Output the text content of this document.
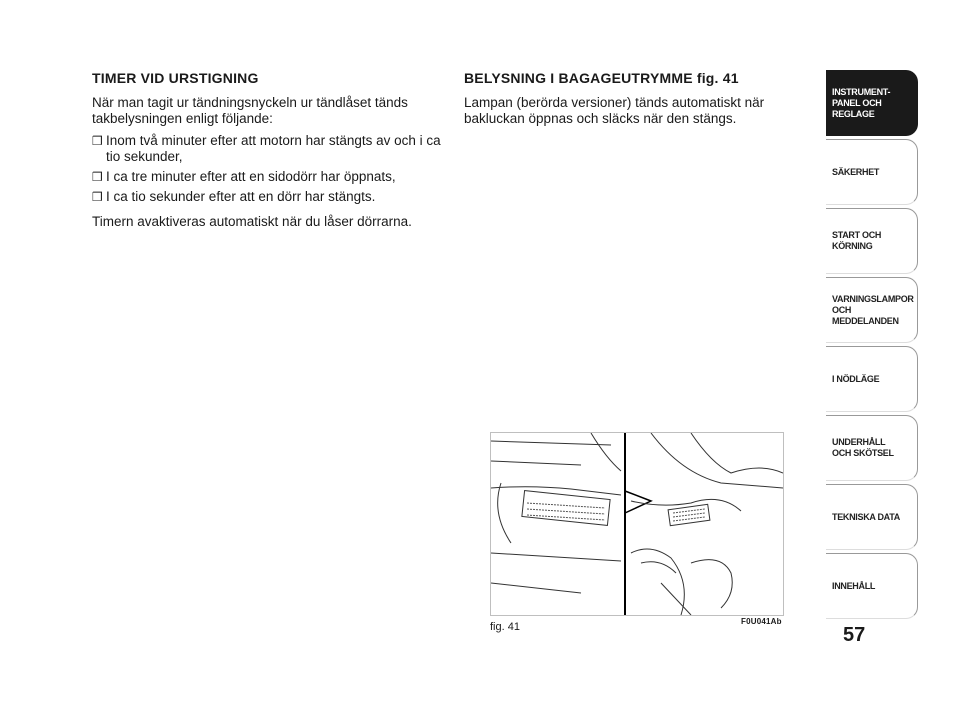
TIMER VID URSTIGNING
När man tagit ur tändningsnyckeln ur tändlåset tänds takbelysningen enligt följande:
❒ Inom två minuter efter att motorn har stängts av och i ca tio sekunder,
❒ I ca tre minuter efter att en sidodörr har öppnats,
❒ I ca tio sekunder efter att en dörr har stängts.
Timern avaktiveras automatiskt när du låser dörrarna.
BELYSNING I BAGAGEUTRYMME fig. 41
Lampan (berörda versioner) tänds automatiskt när bakluckan öppnas och släcks när den stängs.
fig. 41	F0U041Ab
INSTRUMENT-
PANEL OCH
REGLAGE
SÄKERHET
START OCH
KÖRNING
VARNINGSLAMPOR
OCH
MEDDELANDEN
I NÖDLÄGE
UNDERHÅLL
OCH SKÖTSEL
TEKNISKA DATA
INNEHÅLL
57
